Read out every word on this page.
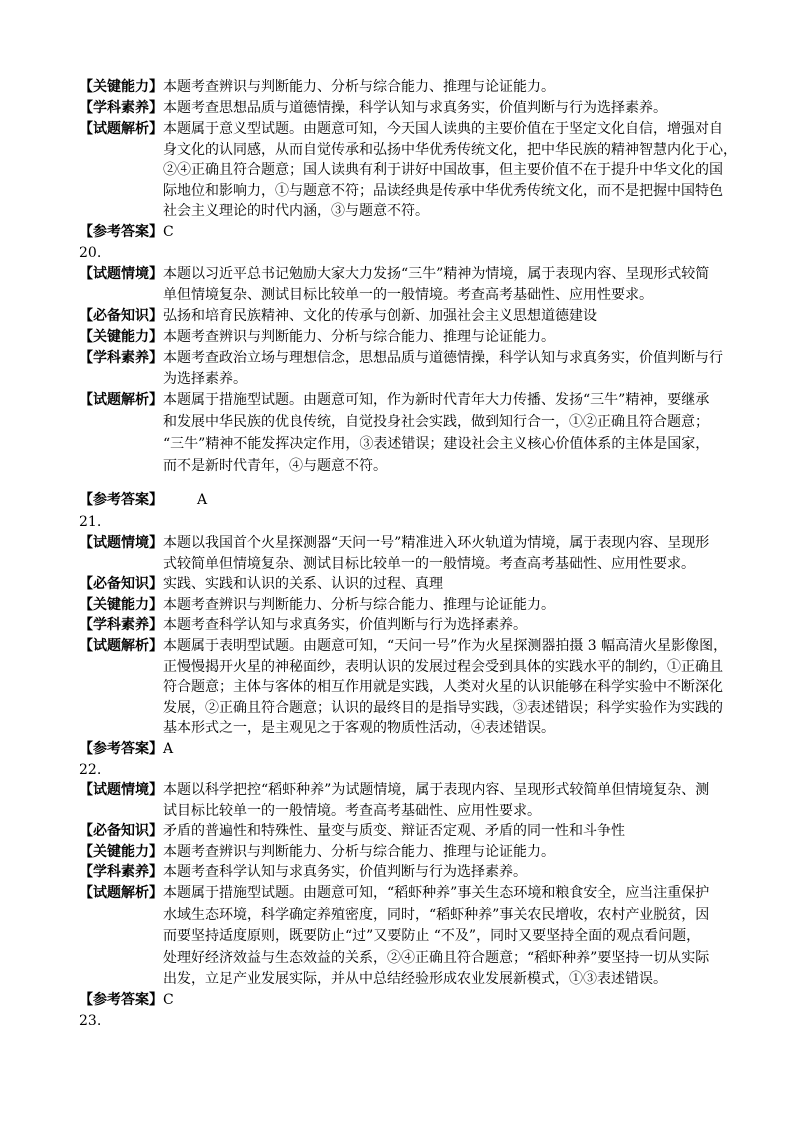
【关键能力】 本题考查辨识与判断能力、分析与综合能力、推理与论证能力。
【学科素养】 本题考查思想品质与道德情操，科学认知与求真务实，价值判断与行为选择素养。
【试题解析】 本题属于意义型试题。由题意可知，今天国人读典的主要价值在于坚定文化自信，增强对自
身文化的认同感，从而自觉传承和弘扬中华优秀传统文化，把中华民族的精神智慧内化于心，
②④正确且符合题意；国人读典有利于讲好中国故事，但主要价值不在于提升中华文化的国
际地位和影响力，①与题意不符；品读经典是传承中华优秀传统文化，而不是把握中国特色
社会主义理论的时代内涵，③与题意不符。
【参考答案】 C
20.
【试题情境】 本题以习近平总书记勉励大家大力发扬“三牛”精神为情境，属于表现内容、呈现形式较简
单但情境复杂、测试目标比较单一的一般情境。考查高考基础性、应用性要求。
【必备知识】 弘扬和培育民族精神、文化的传承与创新、加强社会主义思想道德建设
【关键能力】 本题考查辨识与判断能力、分析与综合能力、推理与论证能力。
【学科素养】 本题考查政治立场与理想信念，思想品质与道德情操，科学认知与求真务实，价值判断与行
为选择素养。
【试题解析】 本题属于措施型试题。由题意可知，作为新时代青年大力传播、发扬“三牛”精神，要继承
和发展中华民族的优良传统，自觉投身社会实践，做到知行合一，①②正确且符合题意；
“三牛”精神不能发挥决定作用，③表述错误；建设社会主义核心价值体系的主体是国家，
而不是新时代青年，④与题意不符。
【参考答案】	A
21.
【试题情境】 本题以我国首个火星探测器“天问一号”精准进入环火轨道为情境，属于表现内容、呈现形
式较简单但情境复杂、测试目标比较单一的一般情境。考查高考基础性、应用性要求。
【必备知识】 实践、实践和认识的关系、认识的过程、真理
【关键能力】 本题考查辨识与判断能力、分析与综合能力、推理与论证能力。
【学科素养】 本题考查科学认知与求真务实，价值判断与行为选择素养。
【试题解析】 本题属于表明型试题。由题意可知，“天问一号”作为火星探测器拍摄 3 幅高清火星影像图，
正慢慢揭开火星的神秘面纱，表明认识的发展过程会受到具体的实践水平的制约，①正确且
符合题意；主体与客体的相互作用就是实践，人类对火星的认识能够在科学实验中不断深化
发展，②正确且符合题意；认识的最终目的是指导实践，③表述错误；科学实验作为实践的
基本形式之一，是主观见之于客观的物质性活动，④表述错误。
【参考答案】 A
22.
【试题情境】 本题以科学把控“稻虾种养”为试题情境，属于表现内容、呈现形式较简单但情境复杂、测
试目标比较单一的一般情境。考查高考基础性、应用性要求。
【必备知识】 矛盾的普遍性和特殊性、量变与质变、辩证否定观、矛盾的同一性和斗争性
【关键能力】 本题考查辨识与判断能力、分析与综合能力、推理与论证能力。
【学科素养】 本题考查科学认知与求真务实，价值判断与行为选择素养。
【试题解析】 本题属于措施型试题。由题意可知，“稻虾种养”事关生态环境和粮食安全，应当注重保护
水域生态环境，科学确定养殖密度，同时，“稻虾种养”事关农民增收，农村产业脱贫，因
而要坚持适度原则，既要防止“过”又要防止 “不及”，同时又要坚持全面的观点看问题，
处理好经济效益与生态效益的关系，②④正确且符合题意；“稻虾种养”要坚持一切从实际
出发，立足产业发展实际，并从中总结经验形成农业发展新模式，①③表述错误。
【参考答案】 C
23.
